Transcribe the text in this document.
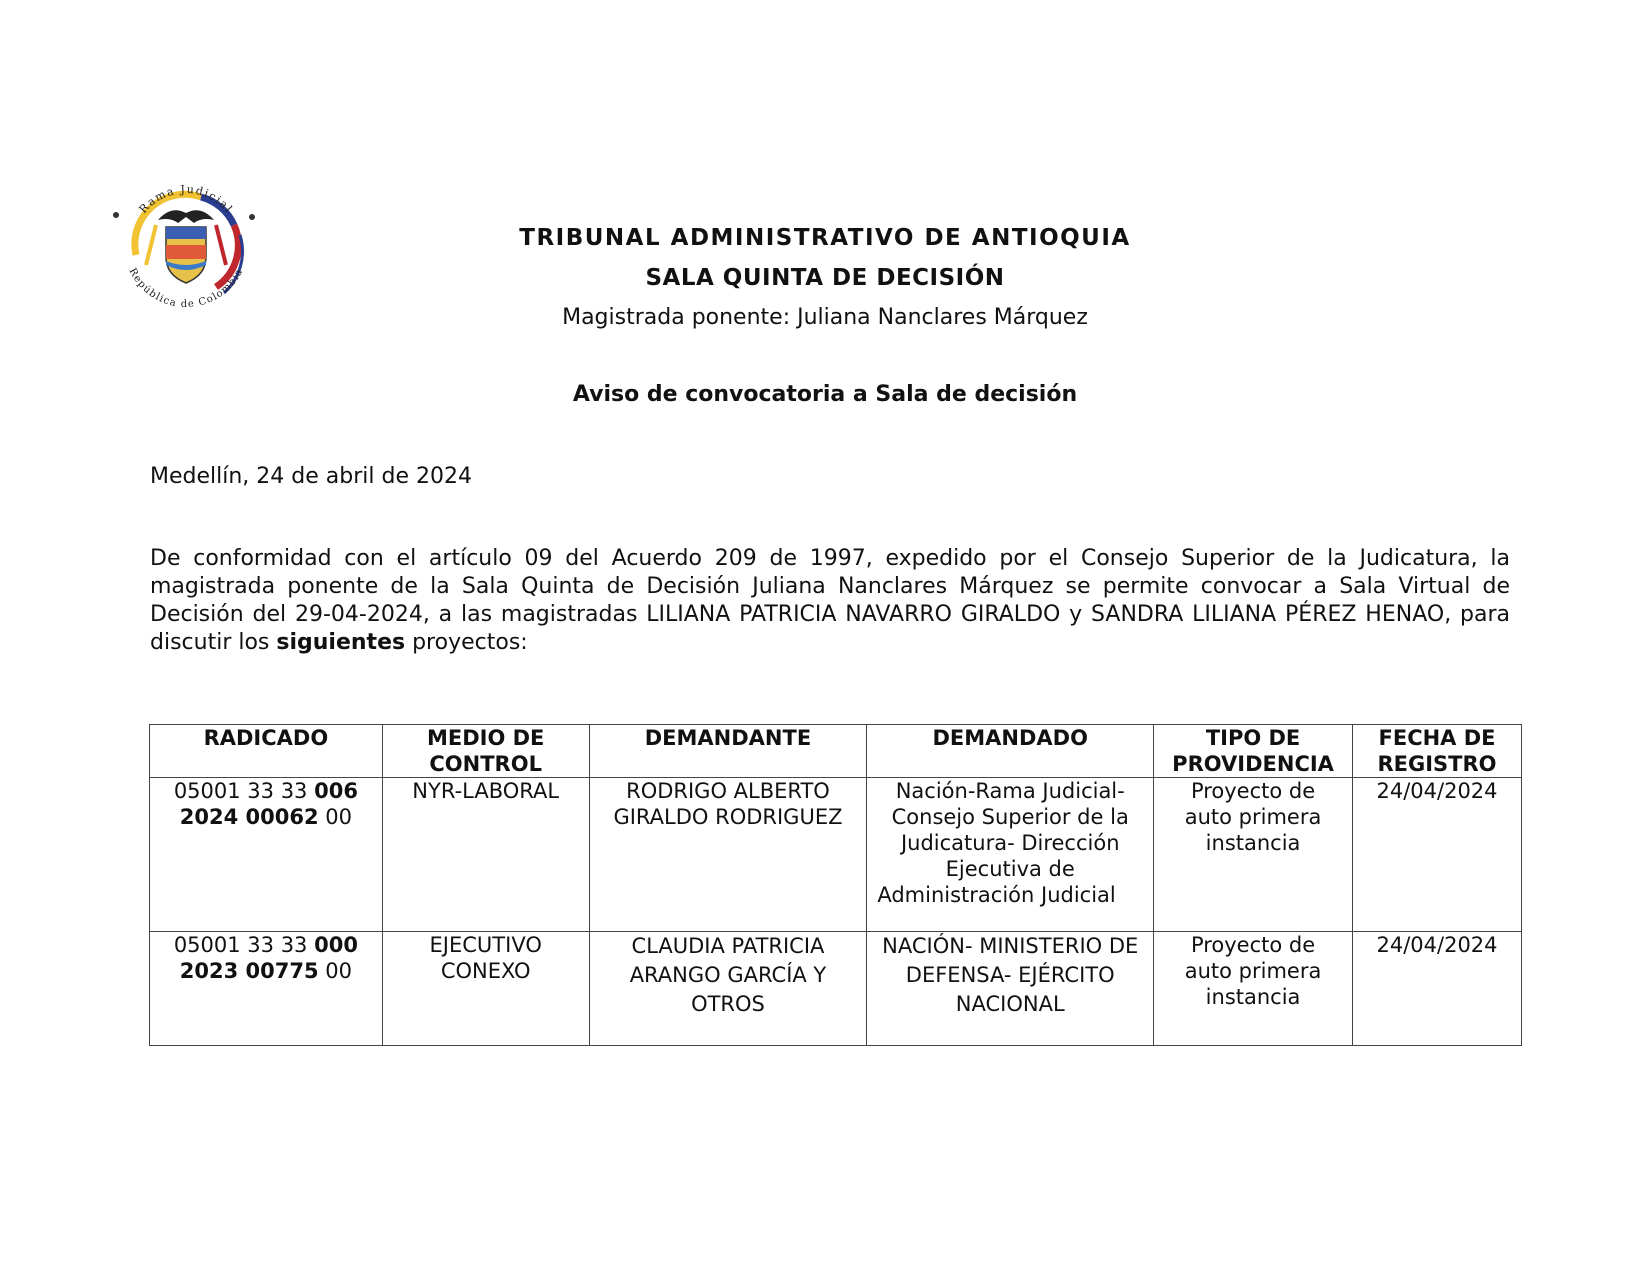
Rama Judicial
República de Colombia
TRIBUNAL ADMINISTRATIVO DE ANTIOQUIA
SALA QUINTA DE DECISIÓN
Magistrada ponente: Juliana Nanclares Márquez
Aviso de convocatoria a Sala de decisión
Medellín, 24 de abril de 2024
De conformidad con el artículo 09 del Acuerdo 209 de 1997, expedido por el Consejo Superior de la Judicatura, la magistrada ponente de la Sala Quinta de Decisión Juliana Nanclares Márquez se permite convocar a Sala Virtual de Decisión del 29-04-2024, a las magistradas LILIANA PATRICIA NAVARRO GIRALDO y SANDRA LILIANA PÉREZ HENAO, para discutir los siguientes proyectos:
RADICADO	MEDIO DE CONTROL	DEMANDANTE	DEMANDADO	TIPO DE PROVIDENCIA	FECHA DE REGISTRO
05001 33 33 006
2024 00062 00	NYR-LABORAL	RODRIGO ALBERTO GIRALDO RODRIGUEZ	Nación-Rama Judicial-Consejo Superior de la Judicatura- Dirección Ejecutiva de Administración Judicial	Proyecto de auto primera instancia	24/04/2024
05001 33 33 000
2023 00775 00	EJECUTIVO CONEXO	CLAUDIA PATRICIA ARANGO GARCÍA Y OTROS	NACIÓN- MINISTERIO DE DEFENSA- EJÉRCITO NACIONAL	Proyecto de auto primera instancia	24/04/2024
